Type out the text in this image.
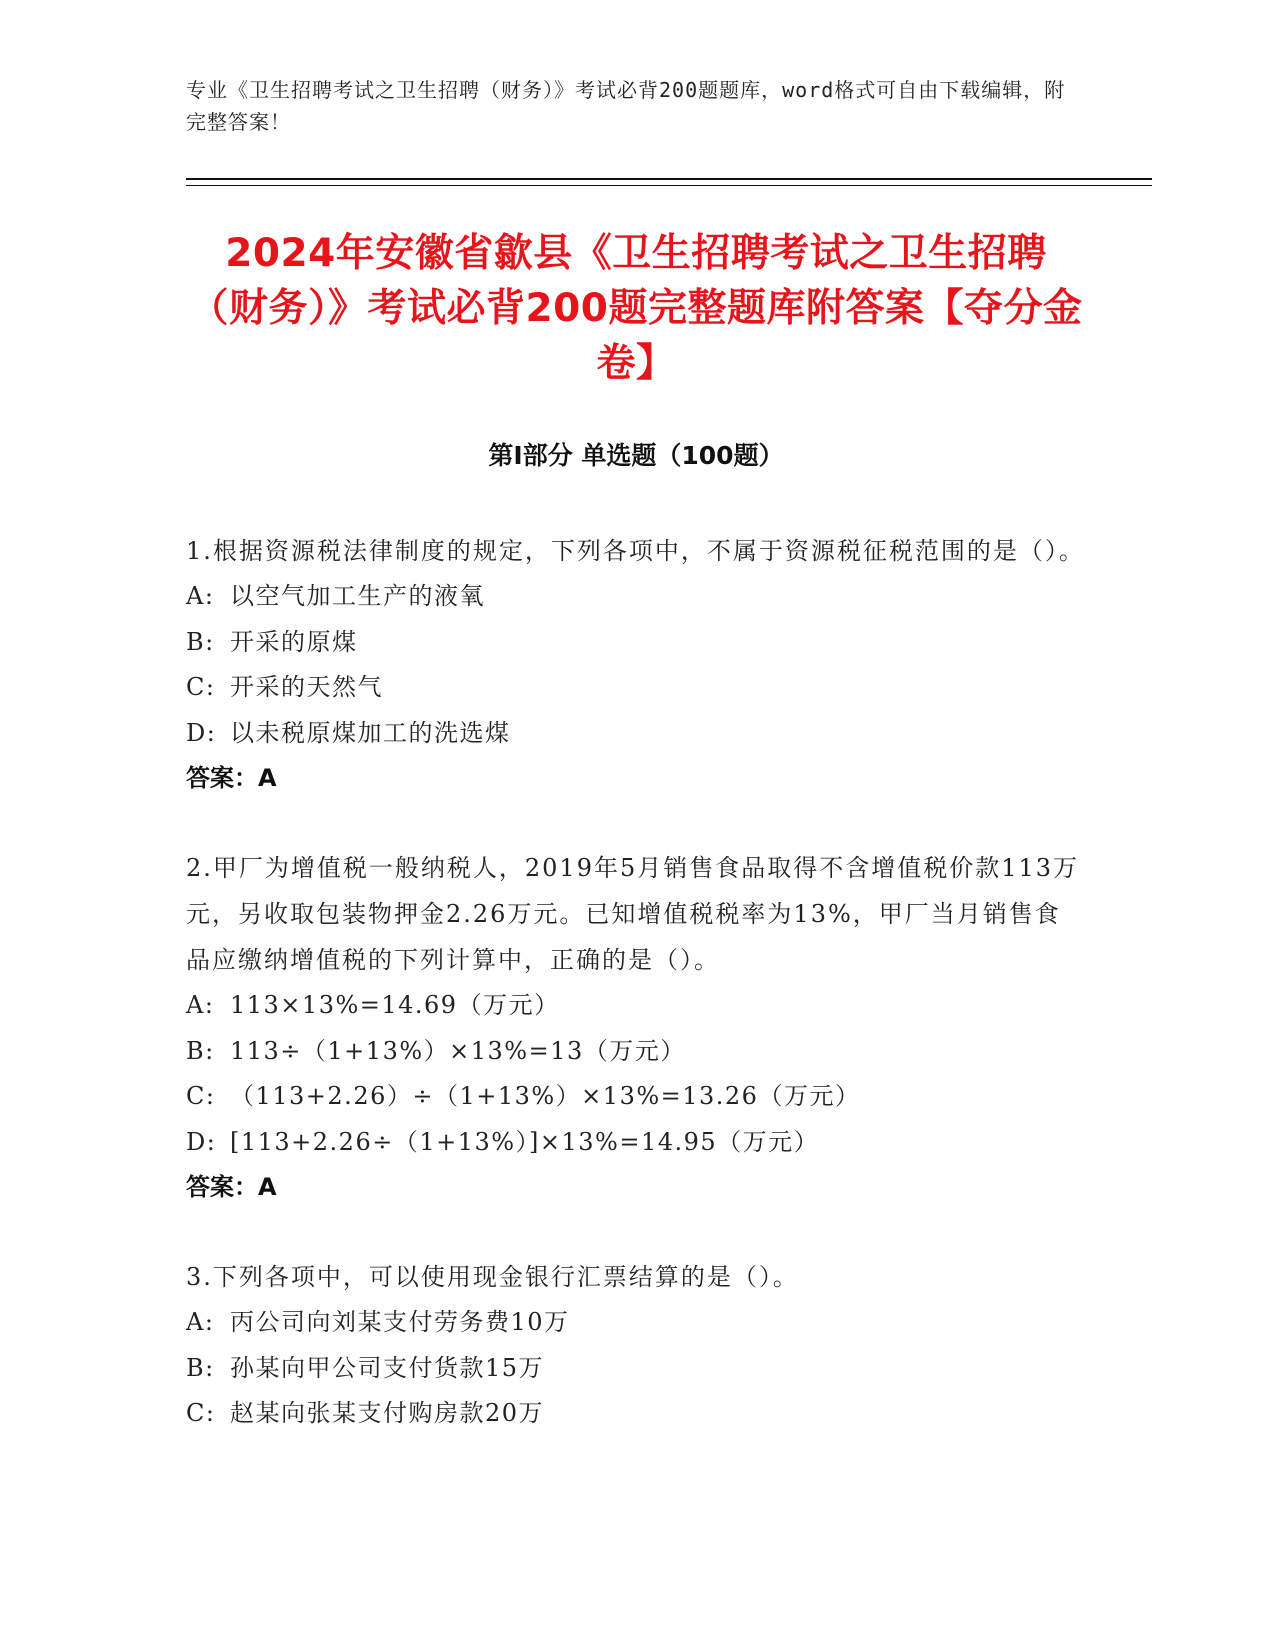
专业《卫生招聘考试之卫生招聘（财务）》考试必背200题题库，word格式可自由下载编辑，附完整答案！
2024年安徽省歙县《卫生招聘考试之卫生招聘（财务）》考试必背200题完整题库附答案【夺分金卷】
第Ⅰ部分 单选题（100题）
1.根据资源税法律制度的规定，下列各项中，不属于资源税征税范围的是（）。
A: 以空气加工生产的液氧
B: 开采的原煤
C: 开采的天然气
D: 以未税原煤加工的洗选煤
答案：A
2.甲厂为增值税一般纳税人，2019年5月销售食品取得不含增值税价款113万元，另收取包装物押金2.26万元。已知增值税税率为13%，甲厂当月销售食品应缴纳增值税的下列计算中，正确的是（）。
A: 113×13%=14.69（万元）
B: 113÷（1+13%）×13%=13（万元）
C: （113+2.26）÷（1+13%）×13%=13.26（万元）
D: [113+2.26÷（1+13%）]×13%=14.95（万元）
答案：A
3.下列各项中，可以使用现金银行汇票结算的是（）。
A: 丙公司向刘某支付劳务费10万
B: 孙某向甲公司支付货款15万
C: 赵某向张某支付购房款20万
